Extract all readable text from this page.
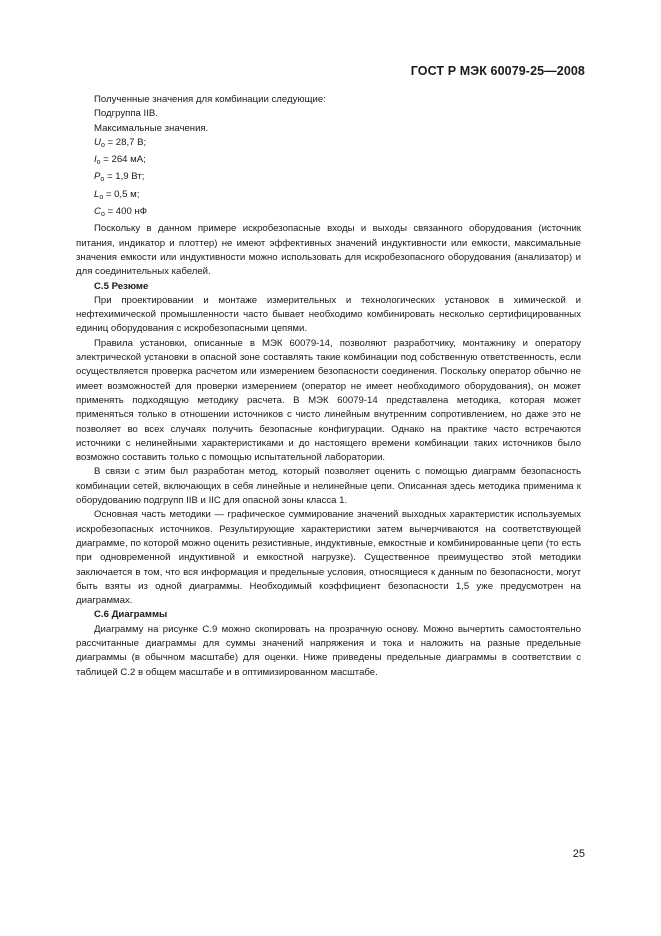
ГОСТ Р МЭК 60079-25—2008

Полученные значения для комбинации следующие:

Подгруппа IIB.

Максимальные значения.

$U_o = 28,7$ В;

$I_o = 264$ мА;

$P_o = 1,9$ Вт;

$L_o = 0,5$ м;

$C_o = 400$ нФ

Поскольку в данном примере искробезопасные входы и выходы связанного оборудования (источник питания, индикатор и плоттер) не имеют эффективных значений индуктивности или емкости, максимальные значения емкости или индуктивности можно использовать для искробезопасного оборудования (анализатор) и для соединительных кабелей.

С.5 Резюме

При проектировании и монтаже измерительных и технологических установок в химической и нефтехимической промышленности часто бывает необходимо комбинировать несколько сертифицированных единиц оборудования с искробезопасными цепями.

Правила установки, описанные в МЭК 60079-14, позволяют разработчику, монтажнику и оператору электрической установки в опасной зоне составлять такие комбинации под собственную ответственность, если осуществляется проверка расчетом или измерением безопасности соединения. Поскольку оператор обычно не имеет возможностей для проверки измерением (оператор не имеет необходимого оборудования), он может применять подходящую методику расчета. В МЭК 60079-14 представлена методика, которая может применяться только в отношении источников с чисто линейным внутренним сопротивлением, но даже это не позволяет во всех случаях получить безопасные конфигурации. Однако на практике часто встречаются источники с нелинейными характеристиками и до настоящего времени комбинации таких источников было возможно составить только с помощью испытательной лаборатории.

В связи с этим был разработан метод, который позволяет оценить с помощью диаграмм безопасность комбинации сетей, включающих в себя линейные и нелинейные цепи. Описанная здесь методика применима к оборудованию подгрупп IIB и IIC для опасной зоны класса 1.

Основная часть методики — графическое суммирование значений выходных характеристик используемых искробезопасных источников. Результирующие характеристики затем вычерчиваются на соответствующей диаграмме, по которой можно оценить резистивные, индуктивные, емкостные и комбинированные цепи (то есть при одновременной индуктивной и емкостной нагрузке). Существенное преимущество этой методики заключается в том, что вся информация и предельные условия, относящиеся к данным по безопасности, могут быть взяты из одной диаграммы. Необходимый коэффициент безопасности 1,5 уже предусмотрен на диаграммах.

С.6 Диаграммы

Диаграмму на рисунке С.9 можно скопировать на прозрачную основу. Можно вычертить самостоятельно рассчитанные диаграммы для суммы значений напряжения и тока и наложить на разные предельные диаграммы (в обычном масштабе) для оценки. Ниже приведены предельные диаграммы в соответствии с таблицей С.2 в общем масштабе и в оптимизированном масштабе.

25
